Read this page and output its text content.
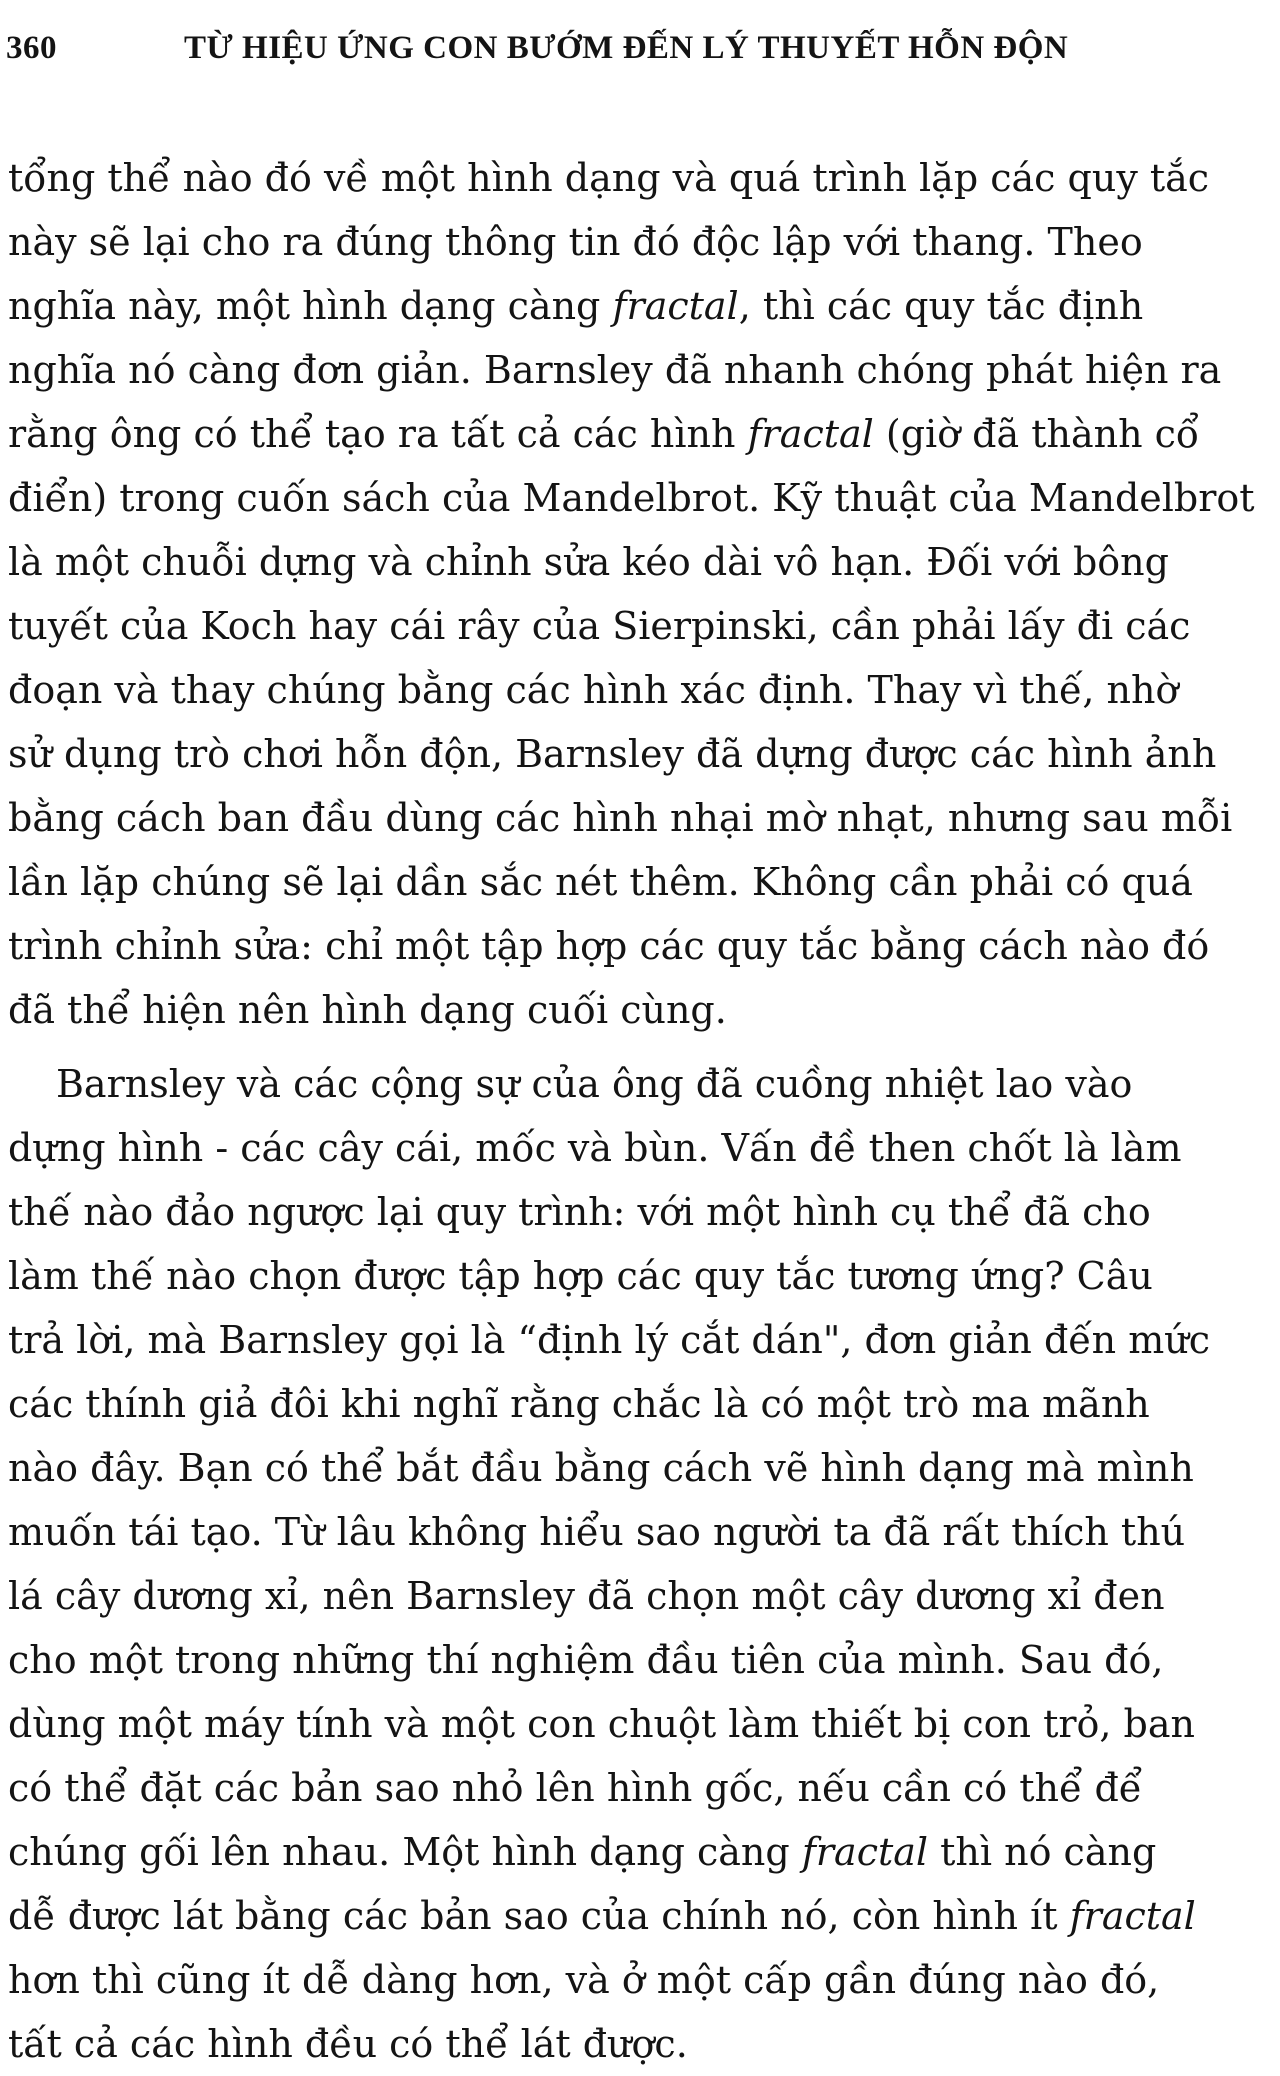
360	TỪ HIỆU ỨNG CON BƯỚM ĐẾN LÝ THUYẾT HỖN ĐỘN
tổng thể nào đó về một hình dạng và quá trình lặp các quy tắc
này sẽ lại cho ra đúng thông tin đó độc lập với thang. Theo
nghĩa này, một hình dạng càng fractal, thì các quy tắc định
nghĩa nó càng đơn giản. Barnsley đã nhanh chóng phát hiện ra
rằng ông có thể tạo ra tất cả các hình fractal (giờ đã thành cổ
điển) trong cuốn sách của Mandelbrot. Kỹ thuật của Mandelbrot
là một chuỗi dựng và chỉnh sửa kéo dài vô hạn. Đối với bông
tuyết của Koch hay cái rây của Sierpinski, cần phải lấy đi các
đoạn và thay chúng bằng các hình xác định. Thay vì thế, nhờ
sử dụng trò chơi hỗn độn, Barnsley đã dựng được các hình ảnh
bằng cách ban đầu dùng các hình nhại mờ nhạt, nhưng sau mỗi
lần lặp chúng sẽ lại dần sắc nét thêm. Không cần phải có quá
trình chỉnh sửa: chỉ một tập hợp các quy tắc bằng cách nào đó
đã thể hiện nên hình dạng cuối cùng.
Barnsley và các cộng sự của ông đã cuồng nhiệt lao vào
dựng hình - các cây cái, mốc và bùn. Vấn đề then chốt là làm
thế nào đảo ngược lại quy trình: với một hình cụ thể đã cho
làm thế nào chọn được tập hợp các quy tắc tương ứng? Câu
trả lời, mà Barnsley gọi là “định lý cắt dán", đơn giản đến mức
các thính giả đôi khi nghĩ rằng chắc là có một trò ma mãnh
nào đây. Bạn có thể bắt đầu bằng cách vẽ hình dạng mà mình
muốn tái tạo. Từ lâu không hiểu sao người ta đã rất thích thú
lá cây dương xỉ, nên Barnsley đã chọn một cây dương xỉ đen
cho một trong những thí nghiệm đầu tiên của mình. Sau đó,
dùng một máy tính và một con chuột làm thiết bị con trỏ, ban
có thể đặt các bản sao nhỏ lên hình gốc, nếu cần có thể để
chúng gối lên nhau. Một hình dạng càng fractal thì nó càng
dễ được lát bằng các bản sao của chính nó, còn hình ít fractal
hơn thì cũng ít dễ dàng hơn, và ở một cấp gần đúng nào đó,
tất cả các hình đều có thể lát được.
